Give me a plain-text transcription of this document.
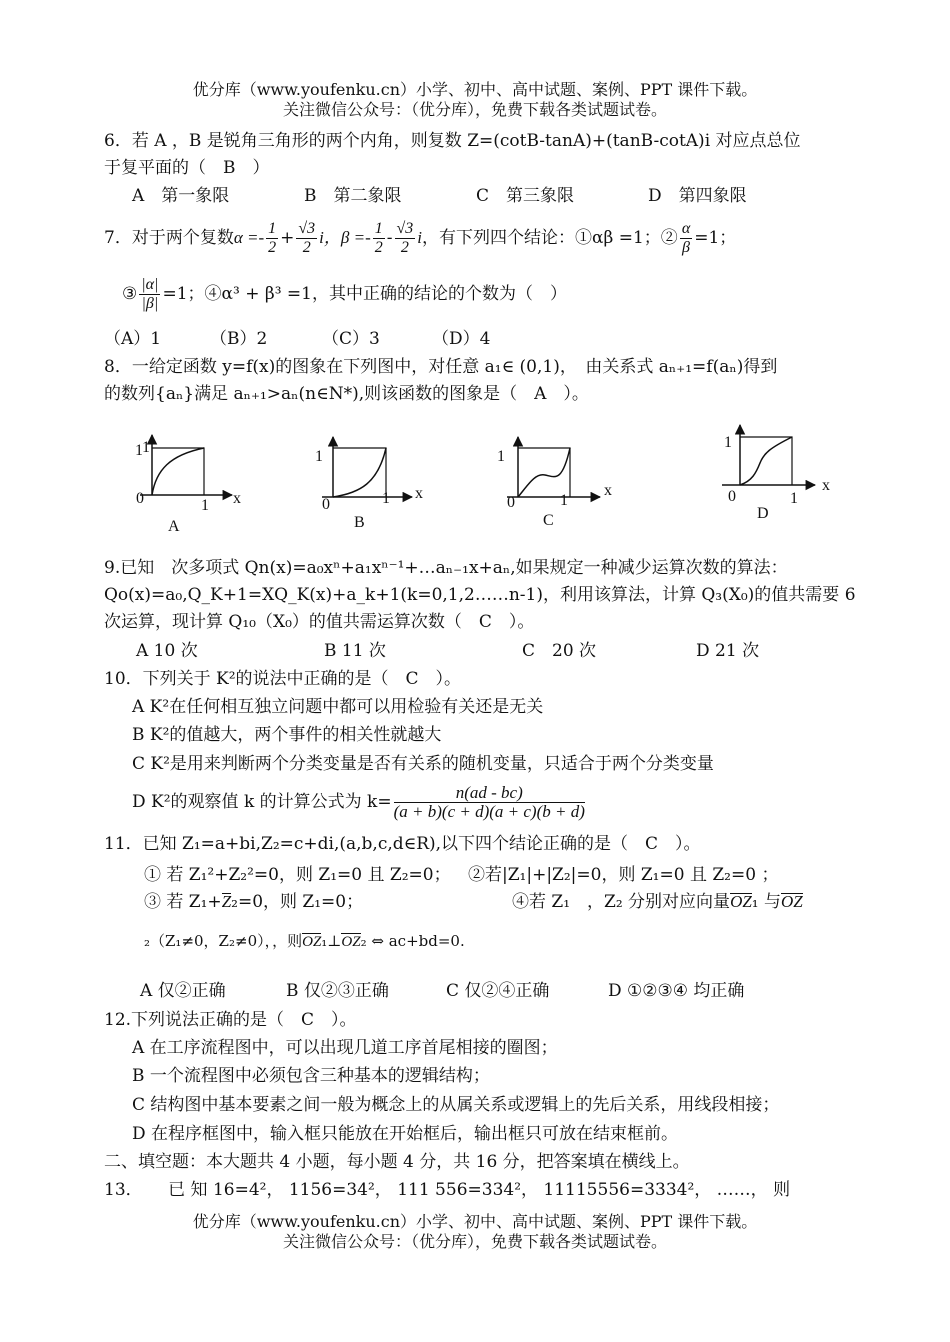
优分库（www.youfenku.cn）小学、初中、高中试题、案例、PPT 课件下载。
关注微信公众号：（优分库），免费下载各类试题试卷。
6．若 A ，B 是锐角三角形的两个内角，则复数 Z=(cotB-tanA)+(tanB-cotA)i 对应点总位
于复平面的（　B　）
A　第一象限	B　第二象限	C　第三象限	D　第四象限
7．对于两个复数$\alpha =- \frac{1}{2} + \frac{√3}{2}$ i，$\beta =- \frac{1}{2} - \frac{√3}{2}$ i，有下列四个结论：①αβ =1；② $\frac{\alpha}{\beta} =1$；
③ $\frac{|\alpha|}{|\beta|} =1$；④α³ + β³ =1，其中正确的结论的个数为（　）
（A）1	（B）2	（C）3	（D）4
8．一给定函数 y=f(x)的图象在下列图中，对任意 a₁∈ (0,1)，　由关系式 aₙ₊₁=f(aₙ)得到
的数列{aₙ}满足 aₙ₊₁>aₙ(n∈N*),则该函数的图象是（　A　）。
1 1
0	1 x
A
1
0	1 x
B
1
0	1
x
C
1
0	1
x
D
9.已知　次多项式 Qn(x)=a₀xⁿ+a₁xⁿ⁻¹+…aₙ₋₁x+aₙ,如果规定一种减少运算次数的算法：
Qo(x)=a₀,Q_K+1=XQ_K(x)+a_k+1(k=0,1,2……n-1)，利用该算法，计算 Q₃(X₀)的值共需要 6
次运算，现计算 Q₁₀（X₀）的值共需运算次数（　C　）。
A 10 次	B 11 次	C　20 次	D 21 次
10．下列关于 K²的说法中正确的是（　C　）。
A K²在任何相互独立问题中都可以用检验有关还是无关
B K²的值越大，两个事件的相关性就越大
C K²是用来判断两个分类变量是否有关系的随机变量，只适合于两个分类变量
D K²的观察值 k 的计算公式为 $k= \frac{n(ad - bc)}{(a + b)(c + d)(a + c)(b + d)}$
11．已知 Z₁=a+bi,Z₂=c+di,(a,b,c,d∈R),以下四个结论正确的是（　C　）。
① 若 Z₁²+Z₂²=0，则 Z₁=0 且 Z₂=0； ②若|Z₁|+|Z₂|=0，则 Z₁=0 且 Z₂=0 ；
③ 若 Z₁+Z₂=0，则 Z₁=0；	④若 Z₁　，Z₂ 分别对应向量OZ₁ 与OZ
₂（Z₁≠0，Z₂≠0），，则OZ₁⊥OZ₂ ⇔ ac+bd=0.
A 仅②正确	B 仅②③正确	C 仅②④正确	D ①②③④ 均正确
12.下列说法正确的是（　C　）。
A 在工序流程图中，可以出现几道工序首尾相接的圈图；
B 一个流程图中必须包含三种基本的逻辑结构；
C 结构图中基本要素之间一般为概念上的从属关系或逻辑上的先后关系，用线段相接；
D 在程序框图中，输入框只能放在开始框后，输出框只可放在结束框前。
二、填空题：本大题共 4 小题，每小题 4 分，共 16 分，把答案填在横线上。
13．　　已 知 16=4²， 1156=34²， 111 556=334²， 11115556=3334²， ……， 则
优分库（www.youfenku.cn）小学、初中、高中试题、案例、PPT 课件下载。
关注微信公众号：（优分库），免费下载各类试题试卷。
